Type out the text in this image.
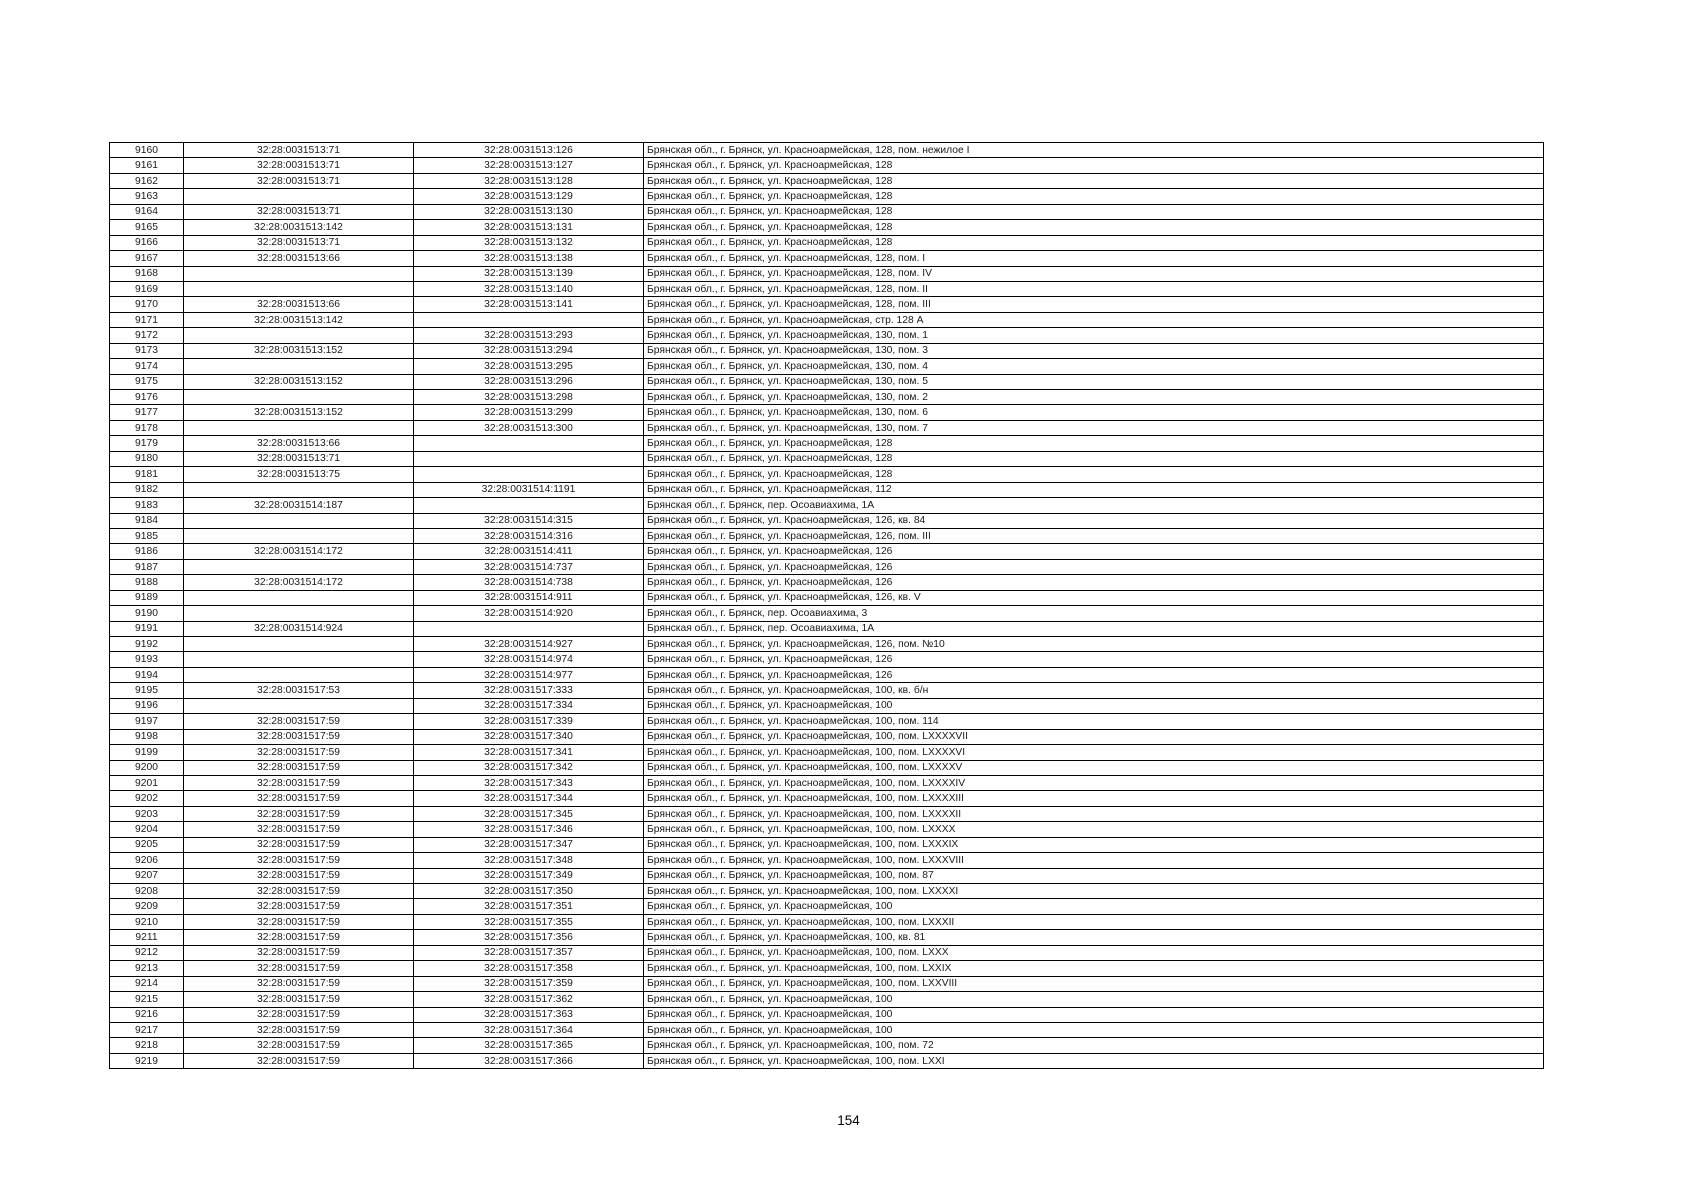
9160	32:28:0031513:71	32:28:0031513:126	Брянская обл., г. Брянск, ул. Красноармейская, 128, пом. нежилое I
9161	32:28:0031513:71	32:28:0031513:127	Брянская обл., г. Брянск, ул. Красноармейская, 128
9162	32:28:0031513:71	32:28:0031513:128	Брянская обл., г. Брянск, ул. Красноармейская, 128
9163		32:28:0031513:129	Брянская обл., г. Брянск, ул. Красноармейская, 128
9164	32:28:0031513:71	32:28:0031513:130	Брянская обл., г. Брянск, ул. Красноармейская, 128
9165	32:28:0031513:142	32:28:0031513:131	Брянская обл., г. Брянск, ул. Красноармейская, 128
9166	32:28:0031513:71	32:28:0031513:132	Брянская обл., г. Брянск, ул. Красноармейская, 128
9167	32:28:0031513:66	32:28:0031513:138	Брянская обл., г. Брянск, ул. Красноармейская, 128, пом. I
9168		32:28:0031513:139	Брянская обл., г. Брянск, ул. Красноармейская, 128, пом. IV
9169		32:28:0031513:140	Брянская обл., г. Брянск, ул. Красноармейская, 128, пом. II
9170	32:28:0031513:66	32:28:0031513:141	Брянская обл., г. Брянск, ул. Красноармейская, 128, пом. III
9171	32:28:0031513:142		Брянская обл., г. Брянск, ул. Красноармейская, стр. 128 А
9172		32:28:0031513:293	Брянская обл., г. Брянск, ул. Красноармейская, 130, пом. 1
9173	32:28:0031513:152	32:28:0031513:294	Брянская обл., г. Брянск, ул. Красноармейская, 130, пом. 3
9174		32:28:0031513:295	Брянская обл., г. Брянск, ул. Красноармейская, 130, пом. 4
9175	32:28:0031513:152	32:28:0031513:296	Брянская обл., г. Брянск, ул. Красноармейская, 130, пом. 5
9176		32:28:0031513:298	Брянская обл., г. Брянск, ул. Красноармейская, 130, пом. 2
9177	32:28:0031513:152	32:28:0031513:299	Брянская обл., г. Брянск, ул. Красноармейская, 130, пом. 6
9178		32:28:0031513:300	Брянская обл., г. Брянск, ул. Красноармейская, 130, пом. 7
9179	32:28:0031513:66		Брянская обл., г. Брянск, ул. Красноармейская, 128
9180	32:28:0031513:71		Брянская обл., г. Брянск, ул. Красноармейская, 128
9181	32:28:0031513:75		Брянская обл., г. Брянск, ул. Красноармейская, 128
9182		32:28:0031514:1191	Брянская обл., г. Брянск, ул. Красноармейская, 112
9183	32:28:0031514:187		Брянская обл., г. Брянск, пер. Осоавиахима, 1А
9184		32:28:0031514:315	Брянская обл., г. Брянск, ул. Красноармейская, 126, кв. 84
9185		32:28:0031514:316	Брянская обл., г. Брянск, ул. Красноармейская, 126, пом. III
9186	32:28:0031514:172	32:28:0031514:411	Брянская обл., г. Брянск, ул. Красноармейская, 126
9187		32:28:0031514:737	Брянская обл., г. Брянск, ул. Красноармейская, 126
9188	32:28:0031514:172	32:28:0031514:738	Брянская обл., г. Брянск, ул. Красноармейская, 126
9189		32:28:0031514:911	Брянская обл., г. Брянск, ул. Красноармейская, 126, кв. V
9190		32:28:0031514:920	Брянская обл., г. Брянск, пер. Осоавиахима, 3
9191	32:28:0031514:924		Брянская обл., г. Брянск, пер. Осоавиахима, 1А
9192		32:28:0031514:927	Брянская обл., г. Брянск, ул. Красноармейская, 126, пом. №10
9193		32:28:0031514:974	Брянская обл., г. Брянск, ул. Красноармейская, 126
9194		32:28:0031514:977	Брянская обл., г. Брянск, ул. Красноармейская, 126
9195	32:28:0031517:53	32:28:0031517:333	Брянская обл., г. Брянск, ул. Красноармейская, 100, кв. б/н
9196		32:28:0031517:334	Брянская обл., г. Брянск, ул. Красноармейская, 100
9197	32:28:0031517:59	32:28:0031517:339	Брянская обл., г. Брянск, ул. Красноармейская, 100, пом. 114
9198	32:28:0031517:59	32:28:0031517:340	Брянская обл., г. Брянск, ул. Красноармейская, 100, пом. LXXXXVII
9199	32:28:0031517:59	32:28:0031517:341	Брянская обл., г. Брянск, ул. Красноармейская, 100, пом. LXXXXVI
9200	32:28:0031517:59	32:28:0031517:342	Брянская обл., г. Брянск, ул. Красноармейская, 100, пом. LXXXXV
9201	32:28:0031517:59	32:28:0031517:343	Брянская обл., г. Брянск, ул. Красноармейская, 100, пом. LXXXXIV
9202	32:28:0031517:59	32:28:0031517:344	Брянская обл., г. Брянск, ул. Красноармейская, 100, пом. LXXXXIII
9203	32:28:0031517:59	32:28:0031517:345	Брянская обл., г. Брянск, ул. Красноармейская, 100, пом. LXXXXII
9204	32:28:0031517:59	32:28:0031517:346	Брянская обл., г. Брянск, ул. Красноармейская, 100, пом. LXXXX
9205	32:28:0031517:59	32:28:0031517:347	Брянская обл., г. Брянск, ул. Красноармейская, 100, пом. LXXXIX
9206	32:28:0031517:59	32:28:0031517:348	Брянская обл., г. Брянск, ул. Красноармейская, 100, пом. LXXXVIII
9207	32:28:0031517:59	32:28:0031517:349	Брянская обл., г. Брянск, ул. Красноармейская, 100, пом. 87
9208	32:28:0031517:59	32:28:0031517:350	Брянская обл., г. Брянск, ул. Красноармейская, 100, пом. LXXXXI
9209	32:28:0031517:59	32:28:0031517:351	Брянская обл., г. Брянск, ул. Красноармейская, 100
9210	32:28:0031517:59	32:28:0031517:355	Брянская обл., г. Брянск, ул. Красноармейская, 100, пом. LXXXII
9211	32:28:0031517:59	32:28:0031517:356	Брянская обл., г. Брянск, ул. Красноармейская, 100, кв. 81
9212	32:28:0031517:59	32:28:0031517:357	Брянская обл., г. Брянск, ул. Красноармейская, 100, пом. LXXX
9213	32:28:0031517:59	32:28:0031517:358	Брянская обл., г. Брянск, ул. Красноармейская, 100, пом. LXXIX
9214	32:28:0031517:59	32:28:0031517:359	Брянская обл., г. Брянск, ул. Красноармейская, 100, пом. LXXVIII
9215	32:28:0031517:59	32:28:0031517:362	Брянская обл., г. Брянск, ул. Красноармейская, 100
9216	32:28:0031517:59	32:28:0031517:363	Брянская обл., г. Брянск, ул. Красноармейская, 100
9217	32:28:0031517:59	32:28:0031517:364	Брянская обл., г. Брянск, ул. Красноармейская, 100
9218	32:28:0031517:59	32:28:0031517:365	Брянская обл., г. Брянск, ул. Красноармейская, 100, пом. 72
9219	32:28:0031517:59	32:28:0031517:366	Брянская обл., г. Брянск, ул. Красноармейская, 100, пом. LXXI
154
